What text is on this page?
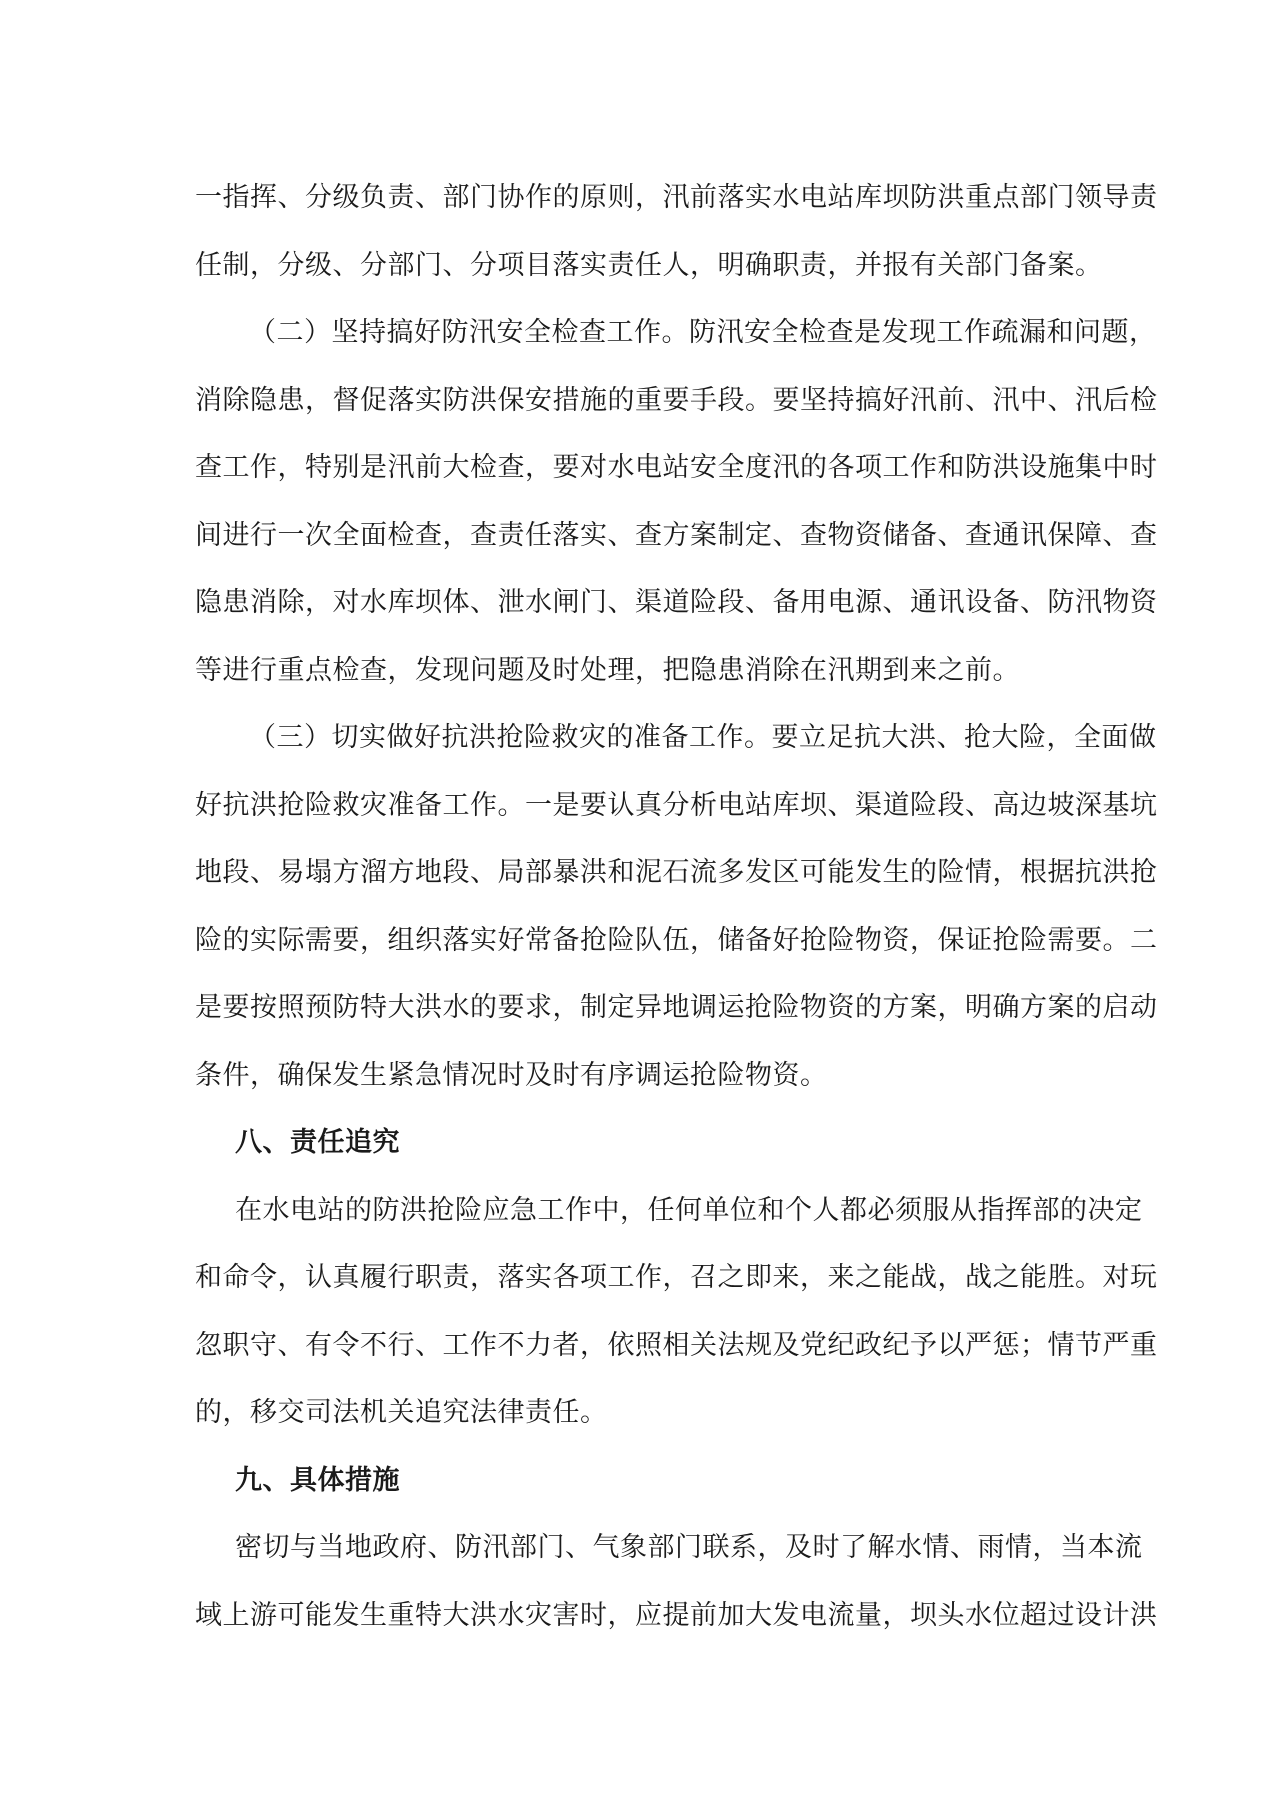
一指挥、分级负责、部门协作的原则，汛前落实水电站库坝防洪重点部门领导责
任制，分级、分部门、分项目落实责任人，明确职责，并报有关部门备案。
（二）坚持搞好防汛安全检查工作。防汛安全检查是发现工作疏漏和问题，
消除隐患，督促落实防洪保安措施的重要手段。要坚持搞好汛前、汛中、汛后检
查工作，特别是汛前大检查，要对水电站安全度汛的各项工作和防洪设施集中时
间进行一次全面检查，查责任落实、查方案制定、查物资储备、查通讯保障、查
隐患消除，对水库坝体、泄水闸门、渠道险段、备用电源、通讯设备、防汛物资
等进行重点检查，发现问题及时处理，把隐患消除在汛期到来之前。
（三）切实做好抗洪抢险救灾的准备工作。要立足抗大洪、抢大险，全面做
好抗洪抢险救灾准备工作。一是要认真分析电站库坝、渠道险段、高边坡深基坑
地段、易塌方溜方地段、局部暴洪和泥石流多发区可能发生的险情，根据抗洪抢
险的实际需要，组织落实好常备抢险队伍，储备好抢险物资，保证抢险需要。二
是要按照预防特大洪水的要求，制定异地调运抢险物资的方案，明确方案的启动
条件，确保发生紧急情况时及时有序调运抢险物资。
八、责任追究
在水电站的防洪抢险应急工作中，任何单位和个人都必须服从指挥部的决定
和命令，认真履行职责，落实各项工作，召之即来，来之能战，战之能胜。对玩
忽职守、有令不行、工作不力者，依照相关法规及党纪政纪予以严惩；情节严重
的，移交司法机关追究法律责任。
九、具体措施
密切与当地政府、防汛部门、气象部门联系，及时了解水情、雨情，当本流
域上游可能发生重特大洪水灾害时，应提前加大发电流量，坝头水位超过设计洪
